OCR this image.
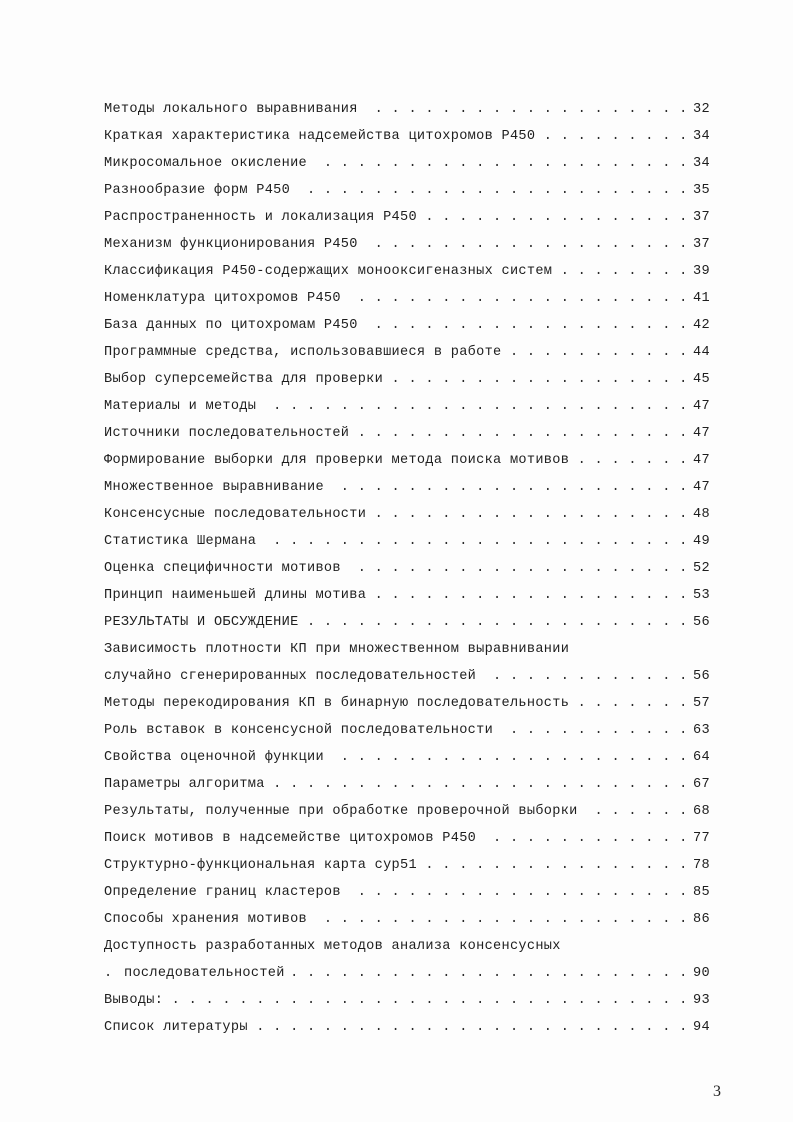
. . .
Методы локального выравнивания	32
. . .
Краткая характеристика надсемейства цитохромов Р450	34
. . .
Микросомальное окисление	34
. . .
Разнообразие форм Р450	35
. . .
Распространенность и локализация Р450	37
. . .
Механизм функционирования Р450	37
. . .
Классификация Р450-содержащих монооксигеназных систем	39
. . .
Номенклатура цитохромов Р450	41
. . .
База данных по цитохромам Р450	42
. . .
Программные средства, использовавшиеся в работе	44
. . .
Выбор суперсемейства для проверки	45
. . .
Материалы и методы	47
. . .
Источники последовательностей	47
. . .
Формирование выборки для проверки метода поиска мотивов	47
. . .
Множественное выравнивание	47
. . .
Консенсусные последовательности	48
. . .
Статистика Шермана	49
. . .
Оценка специфичности мотивов	52
. . .
Принцип наименьшей длины мотива	53
. . .
РЕЗУЛЬТАТЫ И ОБСУЖДЕНИЕ	56
Зависимость плотности КП при множественном выравнивании
. . .
случайно сгенерированных последовательностей	56
. . .
Методы перекодирования КП в бинарную последовательность	57
. . .
Роль вставок в консенсусной последовательности	63
. . .
Свойства оценочной функции	64
. . .
Параметры алгоритма	67
. . .
Результаты, полученные при обработке проверочной выборки	68
. . .
Поиск мотивов в надсемействе цитохромов Р450	77
. . .
Структурно-функциональная карта cyp51	78
. . .
Определение границ кластеров	85
. . .
Способы хранения мотивов	86
Доступность разработанных методов анализа консенсусных
. . .
последовательностей	90
. . .
Выводы:	93
. . .
Список литературы	94
3
